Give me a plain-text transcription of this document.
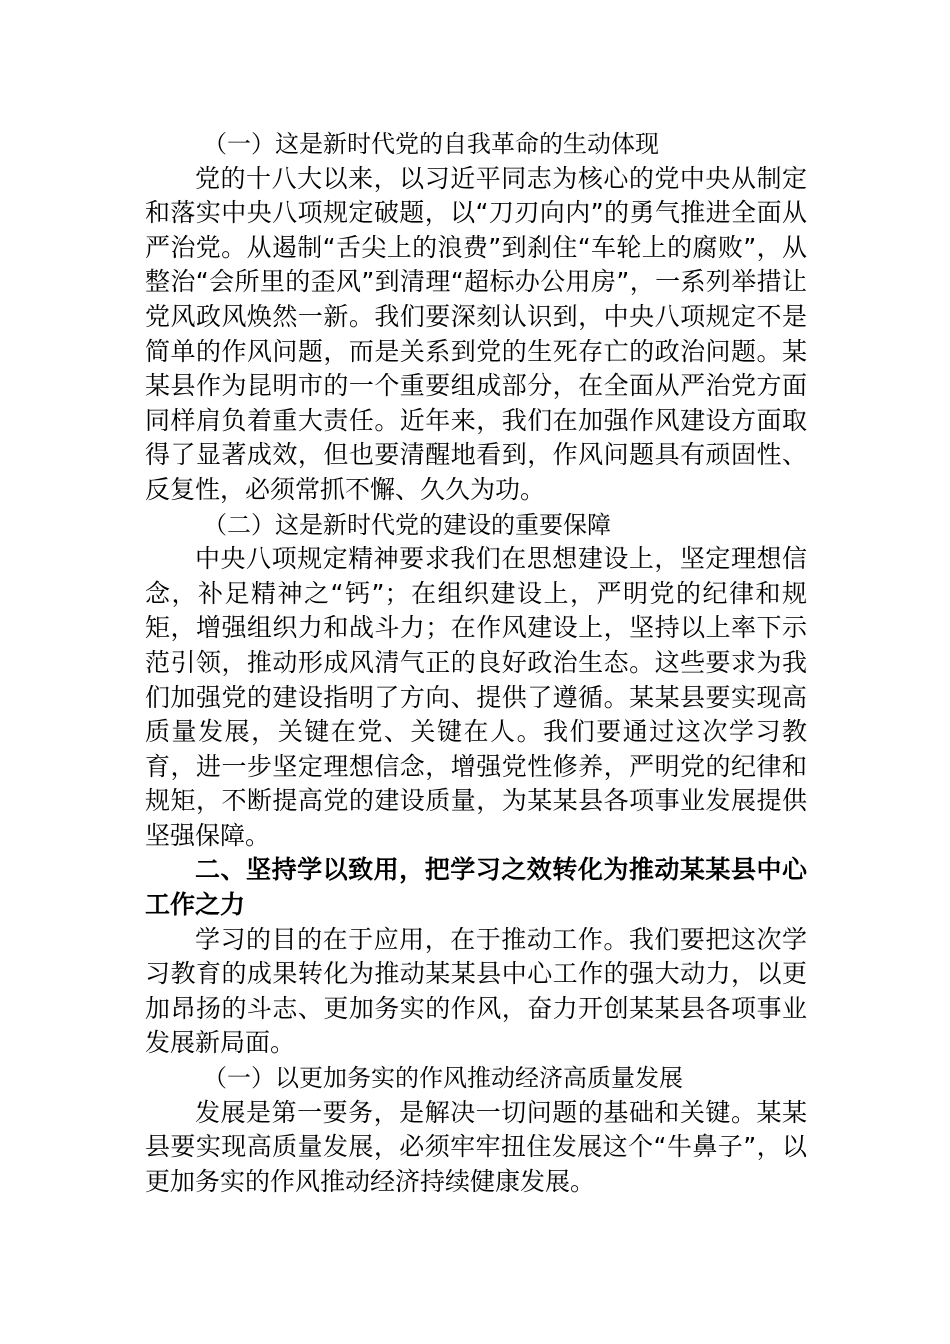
（一）这是新时代党的自我革命的生动体现

党的十八大以来，以习近平同志为核心的党中央从制定和落实中央八项规定破题，以“刀刃向内”的勇气推进全面从严治党。从遏制“舌尖上的浪费”到刹住“车轮上的腐败”，从整治“会所里的歪风”到清理“超标办公用房”，一系列举措让党风政风焕然一新。我们要深刻认识到，中央八项规定不是简单的作风问题，而是关系到党的生死存亡的政治问题。某某县作为昆明市的一个重要组成部分，在全面从严治党方面同样肩负着重大责任。近年来，我们在加强作风建设方面取得了显著成效，但也要清醒地看到，作风问题具有顽固性、反复性，必须常抓不懈、久久为功。

（二）这是新时代党的建设的重要保障

中央八项规定精神要求我们在思想建设上，坚定理想信念，补足精神之“钙”；在组织建设上，严明党的纪律和规矩，增强组织力和战斗力；在作风建设上，坚持以上率下示范引领，推动形成风清气正的良好政治生态。这些要求为我们加强党的建设指明了方向、提供了遵循。某某县要实现高质量发展，关键在党、关键在人。我们要通过这次学习教育，进一步坚定理想信念，增强党性修养，严明党的纪律和规矩，不断提高党的建设质量，为某某县各项事业发展提供坚强保障。

二、坚持学以致用，把学习之效转化为推动某某县中心工作之力

学习的目的在于应用，在于推动工作。我们要把这次学习教育的成果转化为推动某某县中心工作的强大动力，以更加昂扬的斗志、更加务实的作风，奋力开创某某县各项事业发展新局面。

（一）以更加务实的作风推动经济高质量发展

发展是第一要务，是解决一切问题的基础和关键。某某县要实现高质量发展，必须牢牢扭住发展这个“牛鼻子”，以更加务实的作风推动经济持续健康发展。
